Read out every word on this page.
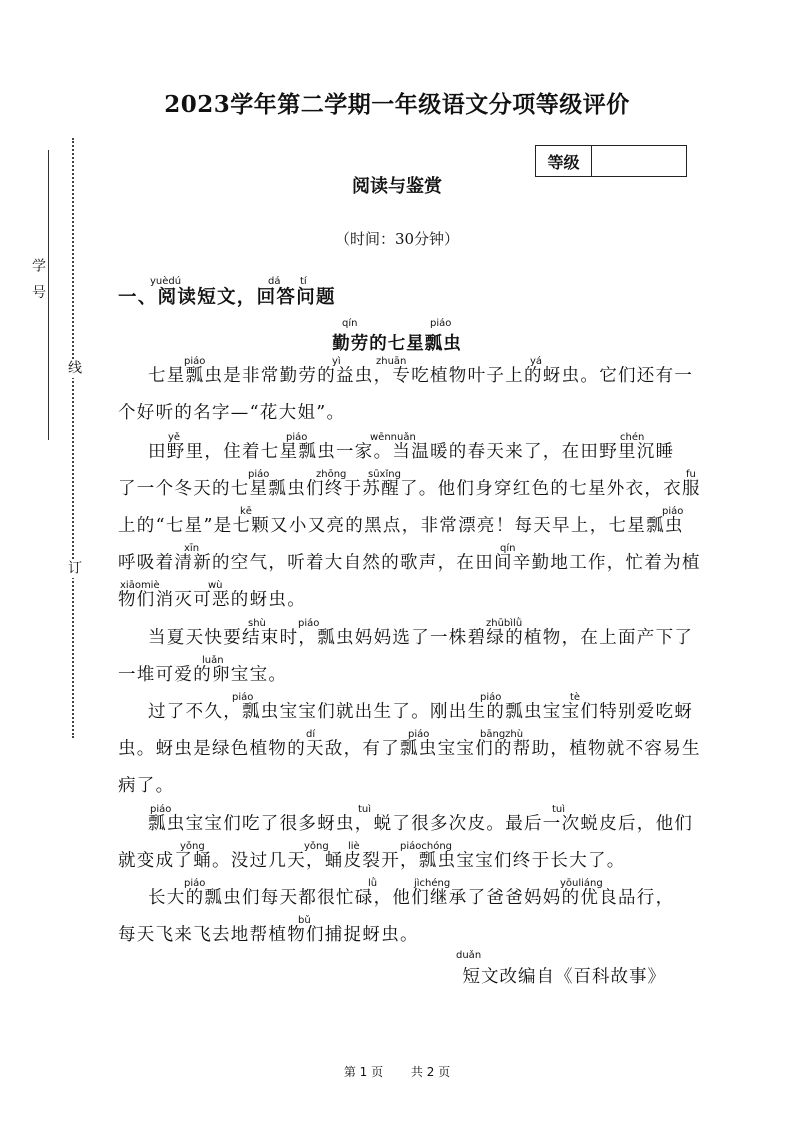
学 号
订
线
2023学年第二学期一年级语文分项等级评价
等级
阅读与鉴赏
（时间：30分钟）
yuèdú	dá tí
一、阅读短文，回答问题
qín	piáo
勤劳的七星瓢虫
piáo	yì	zhuān	yá
七星瓢虫是非常勤劳的益虫，专吃植物叶子上的蚜虫。它们还有一
个好听的名字—“花大姐”。
yě	piáo	wēnnuǎn	chén
田野里，住着七星瓢虫一家。当温暖的春天来了，在田野里沉睡
piáo	zhōng sūxǐng	fu
了一个冬天的七星瓢虫们终于苏醒了。他们身穿红色的七星外衣，衣服
kē	piáo
上的“七星”是七颗又小又亮的黑点，非常漂亮！每天早上，七星瓢虫
xīn	qín
呼吸着清新的空气，听着大自然的歌声，在田间辛勤地工作，忙着为植
xiāomiè	wù
物们消灭可恶的蚜虫。
shù	piáo	zhūbìlǜ
当夏天快要结束时，瓢虫妈妈选了一株碧绿的植物，在上面产下了
luǎn
一堆可爱的卵宝宝。
piáo	piáo	tè
过了不久，瓢虫宝宝们就出生了。刚出生的瓢虫宝宝们特别爱吃蚜
dí	piáo	bāngzhù
虫。蚜虫是绿色植物的天敌，有了瓢虫宝宝们的帮助，植物就不容易生
病了。
piáo	tuì	tuì
瓢虫宝宝们吃了很多蚜虫，蜕了很多次皮。最后一次蜕皮后，他们
yǒng	yǒng liè	piáochóng
就变成了蛹。没过几天，蛹皮裂开，瓢虫宝宝们终于长大了。
piáo	lǜ	jìchéng	yōuliáng
长大的瓢虫们每天都很忙碌，他们继承了爸爸妈妈的优良品行，
bǔ
每天飞来飞去地帮植物们捕捉蚜虫。
duǎn
短文改编自《百科故事》
第 1 页 共 2 页
